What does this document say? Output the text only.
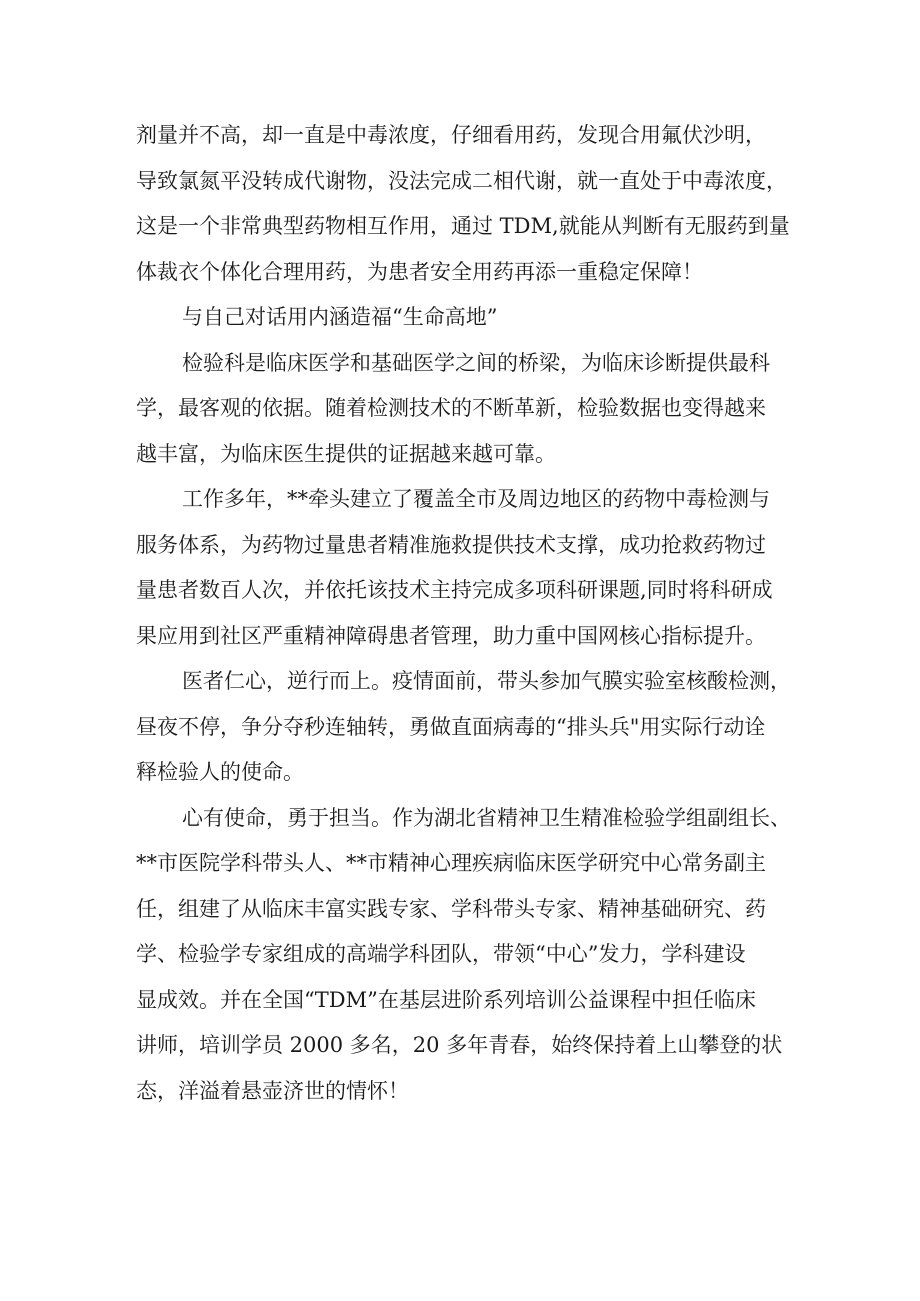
剂量并不高，却一直是中毒浓度，仔细看用药，发现合用氟伏沙明，
导致氯氮平没转成代谢物，没法完成二相代谢，就一直处于中毒浓度，
这是一个非常典型药物相互作用，通过 TDM,就能从判断有无服药到量
体裁衣个体化合理用药，为患者安全用药再添一重稳定保障！
与自己对话用内涵造福“生命高地”
检验科是临床医学和基础医学之间的桥梁，为临床诊断提供最科
学，最客观的依据。随着检测技术的不断革新，检验数据也变得越来
越丰富，为临床医生提供的证据越来越可靠。
工作多年，**牵头建立了覆盖全市及周边地区的药物中毒检测与
服务体系，为药物过量患者精准施救提供技术支撑，成功抢救药物过
量患者数百人次，并依托该技术主持完成多项科研课题,同时将科研成
果应用到社区严重精神障碍患者管理，助力重中国网核心指标提升。
医者仁心，逆行而上。疫情面前，带头参加气膜实验室核酸检测，
昼夜不停，争分夺秒连轴转，勇做直面病毒的“排头兵"用实际行动诠
释检验人的使命。
心有使命，勇于担当。作为湖北省精神卫生精准检验学组副组长、
**市医院学科带头人、**市精神心理疾病临床医学研究中心常务副主
任，组建了从临床丰富实践专家、学科带头专家、精神基础研究、药
学、检验学专家组成的高端学科团队，带领“中心”发力，学科建设
显成效。并在全国“TDM”在基层进阶系列培训公益课程中担任临床
讲师，培训学员 2000 多名，20 多年青春，始终保持着上山攀登的状
态，洋溢着悬壶济世的情怀！
